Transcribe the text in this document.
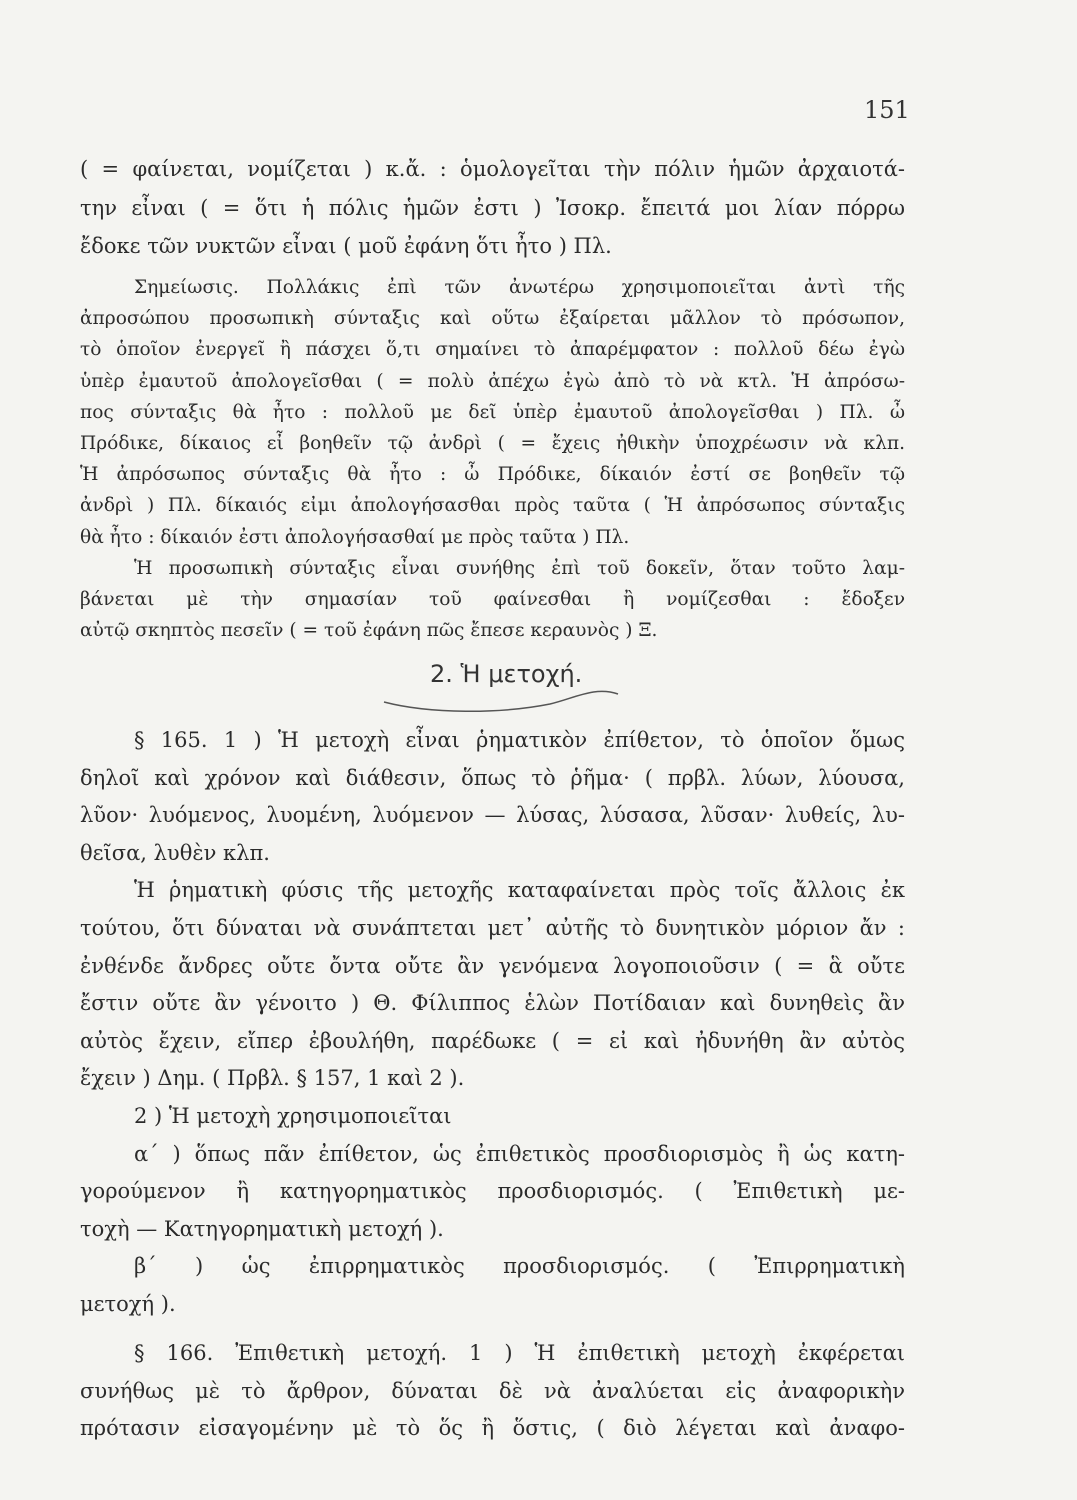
151
( = φαίνεται, νομίζεται ) κ.ἄ. : ὁμολογεῖται τὴν πόλιν ἡμῶν ἀρχαιοτά-
την εἶναι ( = ὅτι ἡ πόλις ἡμῶν ἐστι ) Ἰσοκρ. ἔπειτά μοι λίαν πόρρω
ἔδοκε τῶν νυκτῶν εἶναι ( μοῦ ἐφάνη ὅτι ἦτο ) Πλ.
Σημείωσις. Πολλάκις ἐπὶ τῶν ἀνωτέρω χρησιμοποιεῖται ἀντὶ τῆς
ἀπροσώπου προσωπικὴ σύνταξις καὶ οὕτω ἐξαίρεται μᾶλλον τὸ πρόσωπον,
τὸ ὁποῖον ἐνεργεῖ ἢ πάσχει ὅ,τι σημαίνει τὸ ἀπαρέμφατον : πολλοῦ δέω ἐγὼ
ὑπὲρ ἐμαυτοῦ ἀπολογεῖσθαι ( = πολὺ ἀπέχω ἐγὼ ἀπὸ τὸ νὰ κτλ. Ἡ ἀπρόσω-
πος σύνταξις θὰ ἦτο : πολλοῦ με δεῖ ὑπὲρ ἐμαυτοῦ ἀπολογεῖσθαι ) Πλ. ὦ
Πρόδικε, δίκαιος εἶ βοηθεῖν τῷ ἀνδρὶ ( = ἔχεις ἠθικὴν ὑποχρέωσιν νὰ κλπ.
Ἡ ἀπρόσωπος σύνταξις θὰ ἦτο : ὦ Πρόδικε, δίκαιόν ἐστί σε βοηθεῖν τῷ
ἀνδρὶ ) Πλ. δίκαιός εἰμι ἀπολογήσασθαι πρὸς ταῦτα ( Ἡ ἀπρόσωπος σύνταξις
θὰ ἦτο : δίκαιόν ἐστι ἀπολογήσασθαί με πρὸς ταῦτα ) Πλ.
Ἡ προσωπικὴ σύνταξις εἶναι συνήθης ἐπὶ τοῦ δοκεῖν, ὅταν τοῦτο λαμ-
βάνεται μὲ τὴν σημασίαν τοῦ φαίνεσθαι ἢ νομίζεσθαι : ἔδοξεν
αὐτῷ σκηπτὸς πεσεῖν ( = τοῦ ἐφάνη πῶς ἔπεσε κεραυνὸς ) Ξ.
2. Ἡ μετοχή.
§ 165. 1 ) Ἡ μετοχὴ εἶναι ῥηματικὸν ἐπίθετον, τὸ ὁποῖον ὅμως
δηλοῖ καὶ χρόνον καὶ διάθεσιν, ὅπως τὸ ῥῆμα· ( πρβλ. λύων, λύουσα,
λῦον· λυόμενος, λυομένη, λυόμενον — λύσας, λύσασα, λῦσαν· λυθείς, λυ-
θεῖσα, λυθὲν κλπ.
Ἡ ῥηματικὴ φύσις τῆς μετοχῆς καταφαίνεται πρὸς τοῖς ἄλλοις ἐκ
τούτου, ὅτι δύναται νὰ συνάπτεται μετ᾽ αὐτῆς τὸ δυνητικὸν μόριον ἄν :
ἐνθένδε ἄνδρες οὔτε ὄντα οὔτε ἂν γενόμενα λογοποιοῦσιν ( = ἃ οὔτε
ἔστιν οὔτε ἂν γένοιτο ) Θ. Φίλιππος ἑλὼν Ποτίδαιαν καὶ δυνηθεὶς ἂν
αὐτὸς ἔχειν, εἴπερ ἐβουλήθη, παρέδωκε ( = εἰ καὶ ἠδυνήθη ἂν αὐτὸς
ἔχειν ) Δημ. ( Πρβλ. § 157, 1 καὶ 2 ).
2 ) Ἡ μετοχὴ χρησιμοποιεῖται
α΄ ) ὅπως πᾶν ἐπίθετον, ὡς ἐπιθετικὸς προσδιορισμὸς ἢ ὡς κατη-
γορούμενον ἢ κατηγορηματικὸς προσδιορισμός. ( Ἐπιθετικὴ με-
τοχὴ — Κατηγορηματικὴ μετοχή ).
β΄ ) ὡς ἐπιρρηματικὸς προσδιορισμός. ( Ἐπιρρηματικὴ
μετοχή ).
§ 166. Ἐπιθετικὴ μετοχή. 1 ) Ἡ ἐπιθετικὴ μετοχὴ ἐκφέρεται
συνήθως μὲ τὸ ἄρθρον, δύναται δὲ νὰ ἀναλύεται εἰς ἀναφορικὴν
πρότασιν εἰσαγομένην μὲ τὸ ὅς ἢ ὅστις, ( διὸ λέγεται καὶ ἀναφο-
